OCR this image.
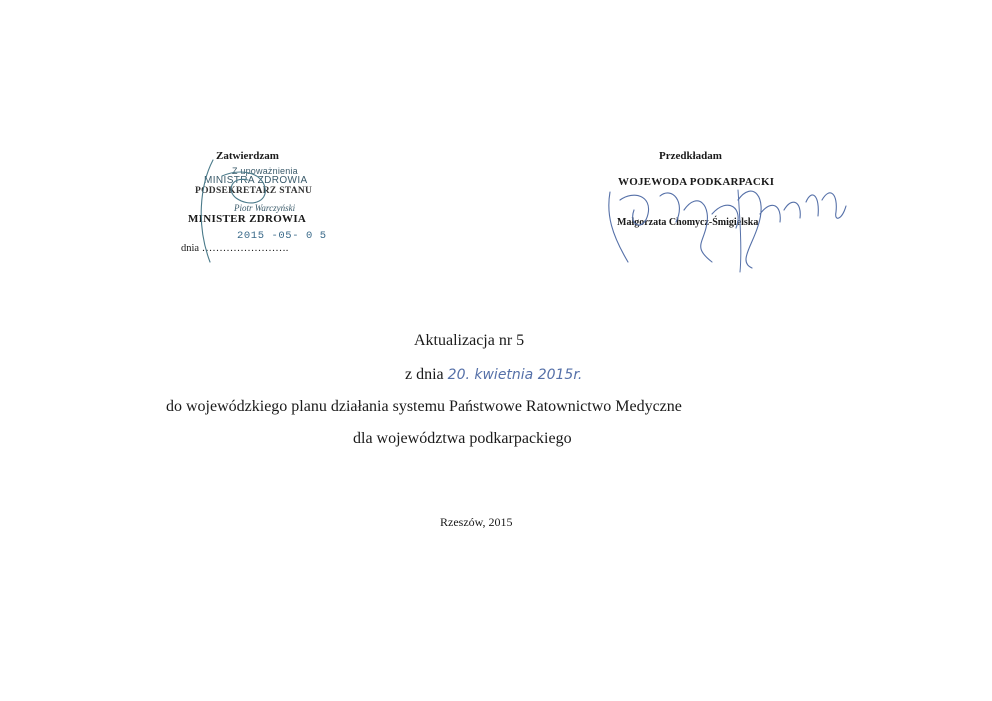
Zatwierdzam
Z upoważnienia
MINISTRA ZDROWIA
PODSEKRETARZ STANU
Piotr Warczyński
MINISTER ZDROWIA
2015 -05- 0 5
dnia …………………….
Przedkładam
WOJEWODA PODKARPACKI
Małgorzata Chomycz-Śmigielska
Aktualizacja nr 5
z dnia 20. kwietnia 2015r.
do wojewódzkiego planu działania systemu Państwowe Ratownictwo Medyczne
dla województwa podkarpackiego
Rzeszów, 2015
